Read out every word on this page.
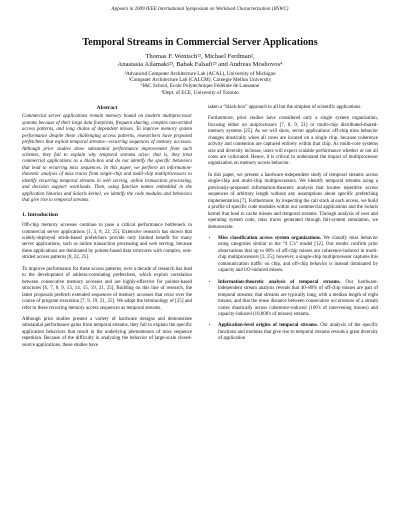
Appears in 2009 IEEE International Symposium on Workload Characterization (IISWC)
Temporal Streams in Commercial Server Applications
Thomas F. Wenisch¹², Michael Ferdman²,
Anastasia Ailamaki²³, Babak Falsafi²³ and Andreas Moshovos⁴
¹Advanced Computer Architecture Lab (ACAL), University of Michigan
²Computer Architecture Lab (CALCM), Carnegie Mellon University
³I&C School, Ecole Polytechnique Fédérale de Lausanne
⁴Dept. of ECE, University of Toronto
Abstract

Commercial server applications remain memory bound on modern multiprocessor systems because of their large data footprints, frequent sharing, complex non-strided access patterns, and long chains of dependent misses. To improve memory system performance despite these challenging access patterns, researchers have proposed prefetchers that exploit temporal streams—recurring sequences of memory accesses. Although prior studies show substantial performance improvement from such schemes, they fail to explain why temporal streams arise; that is, they treat commercial applications as a black-box and do not identify the specific behaviors that lead to recurring miss sequences. In this paper, we perform an information-theoretic analysis of miss traces from single-chip and multi-chip multiprocessors to identify recurring temporal streams in web serving, online transaction processing, and decision support workloads. Then, using function names embedded in the application binaries and Solaris kernel, we identify the code modules and behaviors that give rise to temporal streams.

1. Introduction

Off-chip memory accesses continue to pose a critical performance bottleneck in commercial server applications [1, 3, 8, 22, 25]. Extensive research has shown that widely-deployed stride-based prefetchers provide only limited benefit for many server applications, such as online transaction processing and web serving, because these applications are dominated by pointer-based data structures with complex, non-strided access patterns [8, 22, 25].

To improve performance for these access patterns, over a decade of research has lead to the development of address-correlating prefetchers, which exploit correlation between consecutive memory accesses and are highly-effective for pointer-based structures [6, 7, 8, 9, 13, 14, 15, 19, 21, 25]. Building on this line of research, the latest proposals prefetch extended sequences of memory accesses that recur over the course of program execution [7, 9, 19, 21, 25]. We adopt the terminology of [25] and refer to these recurring memory access sequences as temporal streams.

Although prior studies present a variety of hardware designs and demonstrate substantial performance gains from temporal streams, they fail to explain the specific application behaviors that result in the underlying phenomenon of miss sequence repetition. Because of the difficulty in analyzing the behavior of large-scale closed-source applications, these studies have

taken a “black-box” approach to all but the simplest of scientific applications.

Furthermore, prior studies have considered only a single system organization, focusing either on uniprocessors [7, 8, 9, 21] or multi-chip distributed-shared-memory systems [25]. As we will show, server applications' off-chip miss behavior changes drastically when all cores are located on a single chip, because coherence activity and contention are captured entirely within that chip. As multi-core systems size and diversity increase, users will expect scalable performance whether or not all cores are collocated. Hence, it is critical to understand the impact of multiprocessor organization on memory access behavior.

In this paper, we present a hardware-independent study of temporal streams across single-chip and multi-chip multiprocessors. We identify temporal streams using a previously-proposed information-theoretic analysis that locates repetitive access sequences of arbitrary length without any assumptions about specific prefetching implementation [7]. Furthermore, by inspecting the call stack at each access, we build a profile of specific code modules within our commercial applications and the Solaris kernel that lead to cache misses and temporal streams. Through analysis of user and operating system code, miss traces generated through full-system simulation, we demonstrate:

• Miss classification across system organizations. We classify miss behavior using categories similar to the “4 C's” model [12]. Our results confirm prior observations that up to 80% of off-chip misses are coherence-induced in multi-chip multiprocessors [3, 25]; however, a single-chip multiprocessor captures this communication traffic on chip, and off-chip behavior is instead dominated by capacity and I/O-induced misses.
• Information-theoretic analysis of temporal streams. Our hardware-independent stream analysis reveals that 40–80% of off-chip misses are part of temporal streams; that streams are typically long, with a median length of eight misses; and that the reuse distance between consecutive occurrences of a stream varies drastically across coherence-induced (100's of intervening misses) and capacity-induced (10,000's of misses) streams.
• Application-level origins of temporal streams. Our analysis of the specific functions and modules that give rise to temporal streams reveals a great diversity of application
